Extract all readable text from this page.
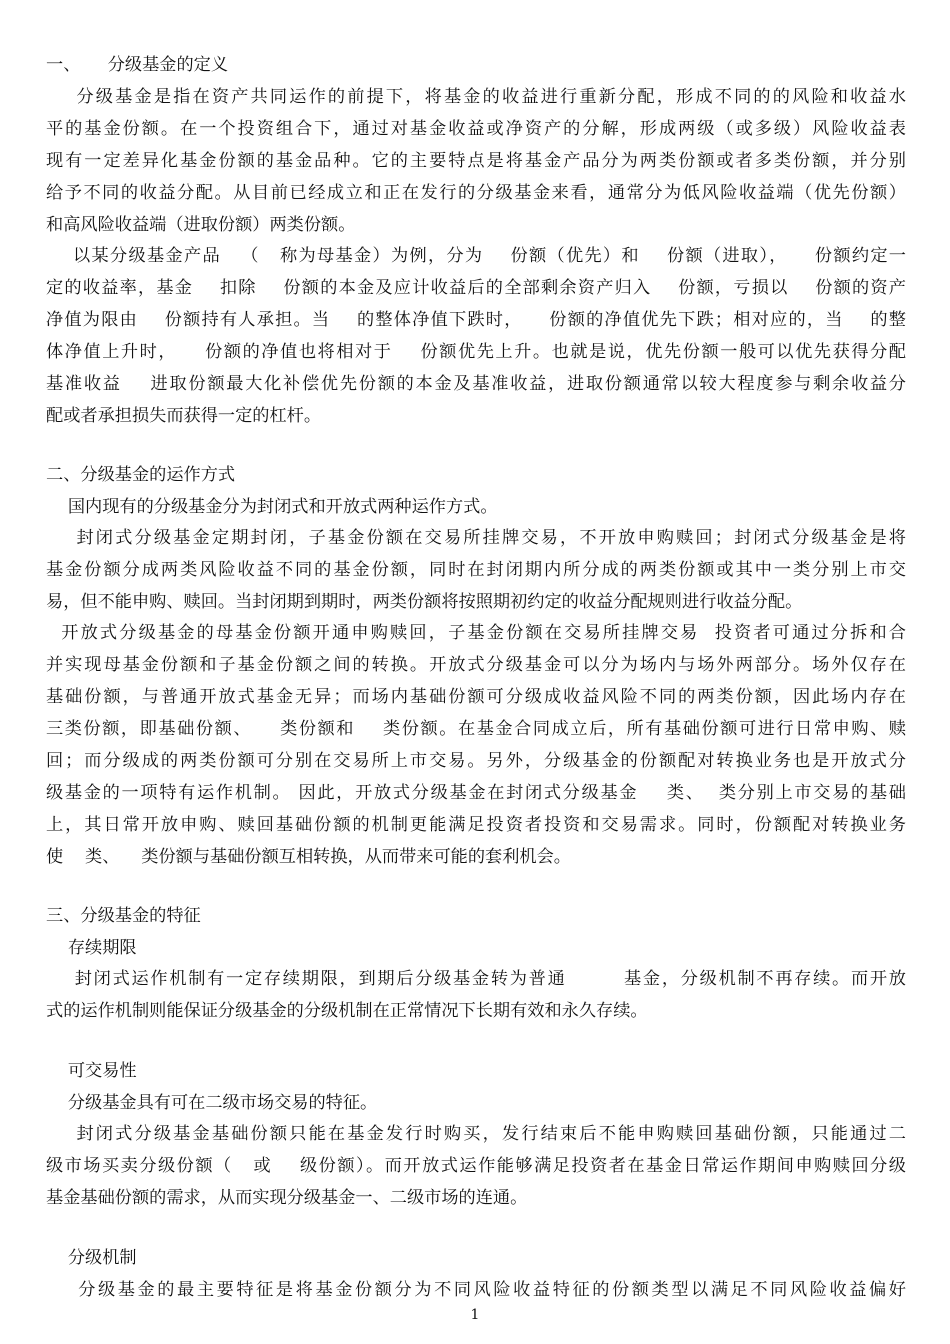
一、     分级基金的定义
分级基金是指在资产共同运作的前提下，将基金的收益进行重新分配，形成不同的的风险和收益水
平的基金份额。在一个投资组合下，通过对基金收益或净资产的分解，形成两级（或多级）风险收益表
现有一定差异化基金份额的基金品种。它的主要特点是将基金产品分为两类份额或者多类份额，并分别
给予不同的收益分配。从目前已经成立和正在发行的分级基金来看，通常分为低风险收益端（优先份额）
和高风险收益端（进取份额）两类份额。
以某分级基金产品   （   称为母基金）为例，分为    份额（优先）和    份额（进取），    份额约定一
定的收益率，基金    扣除    份额的本金及应计收益后的全部剩余资产归入    份额，亏损以    份额的资产
净值为限由    份额持有人承担。当    的整体净值下跌时，    份额的净值优先下跌；相对应的，当    的整
体净值上升时，    份额的净值也将相对于    份额优先上升。也就是说，优先份额一般可以优先获得分配
基准收益    进取份额最大化补偿优先份额的本金及基准收益，进取份额通常以较大程度参与剩余收益分
配或者承担损失而获得一定的杠杆。
二、分级基金的运作方式
国内现有的分级基金分为封闭式和开放式两种运作方式。
封闭式分级基金定期封闭，子基金份额在交易所挂牌交易，不开放申购赎回；封闭式分级基金是将
基金份额分成两类风险收益不同的基金份额，同时在封闭期内所分成的两类份额或其中一类分别上市交
易，但不能申购、赎回。当封闭期到期时，两类份额将按照期初约定的收益分配规则进行收益分配。
开放式分级基金的母基金份额开通申购赎回，子基金份额在交易所挂牌交易  投资者可通过分拆和合
并实现母基金份额和子基金份额之间的转换。开放式分级基金可以分为场内与场外两部分。场外仅存在
基础份额，与普通开放式基金无异；而场内基础份额可分级成收益风险不同的两类份额，因此场内存在
三类份额，即基础份额、    类份额和    类份额。在基金合同成立后，所有基础份额可进行日常申购、赎
回；而分级成的两类份额可分别在交易所上市交易。另外，分级基金的份额配对转换业务也是开放式分
级基金的一项特有运作机制。 因此，开放式分级基金在封闭式分级基金    类、  类分别上市交易的基础
上，其日常开放申购、赎回基础份额的机制更能满足投资者投资和交易需求。同时，份额配对转换业务
使    类、    类份额与基础份额互相转换，从而带来可能的套利机会。
三、分级基金的特征
存续期限
封闭式运作机制有一定存续期限，到期后分级基金转为普通        基金，分级机制不再存续。而开放
式的运作机制则能保证分级基金的分级机制在正常情况下长期有效和永久存续。
可交易性
分级基金具有可在二级市场交易的特征。
封闭式分级基金基础份额只能在基金发行时购买，发行结束后不能申购赎回基础份额，只能通过二
级市场买卖分级份额（   或    级份额）。而开放式运作能够满足投资者在基金日常运作期间申购赎回分级
基金基础份额的需求，从而实现分级基金一、二级市场的连通。
分级机制
分级基金的最主要特征是将基金份额分为不同风险收益特征的份额类型以满足不同风险收益偏好
1
